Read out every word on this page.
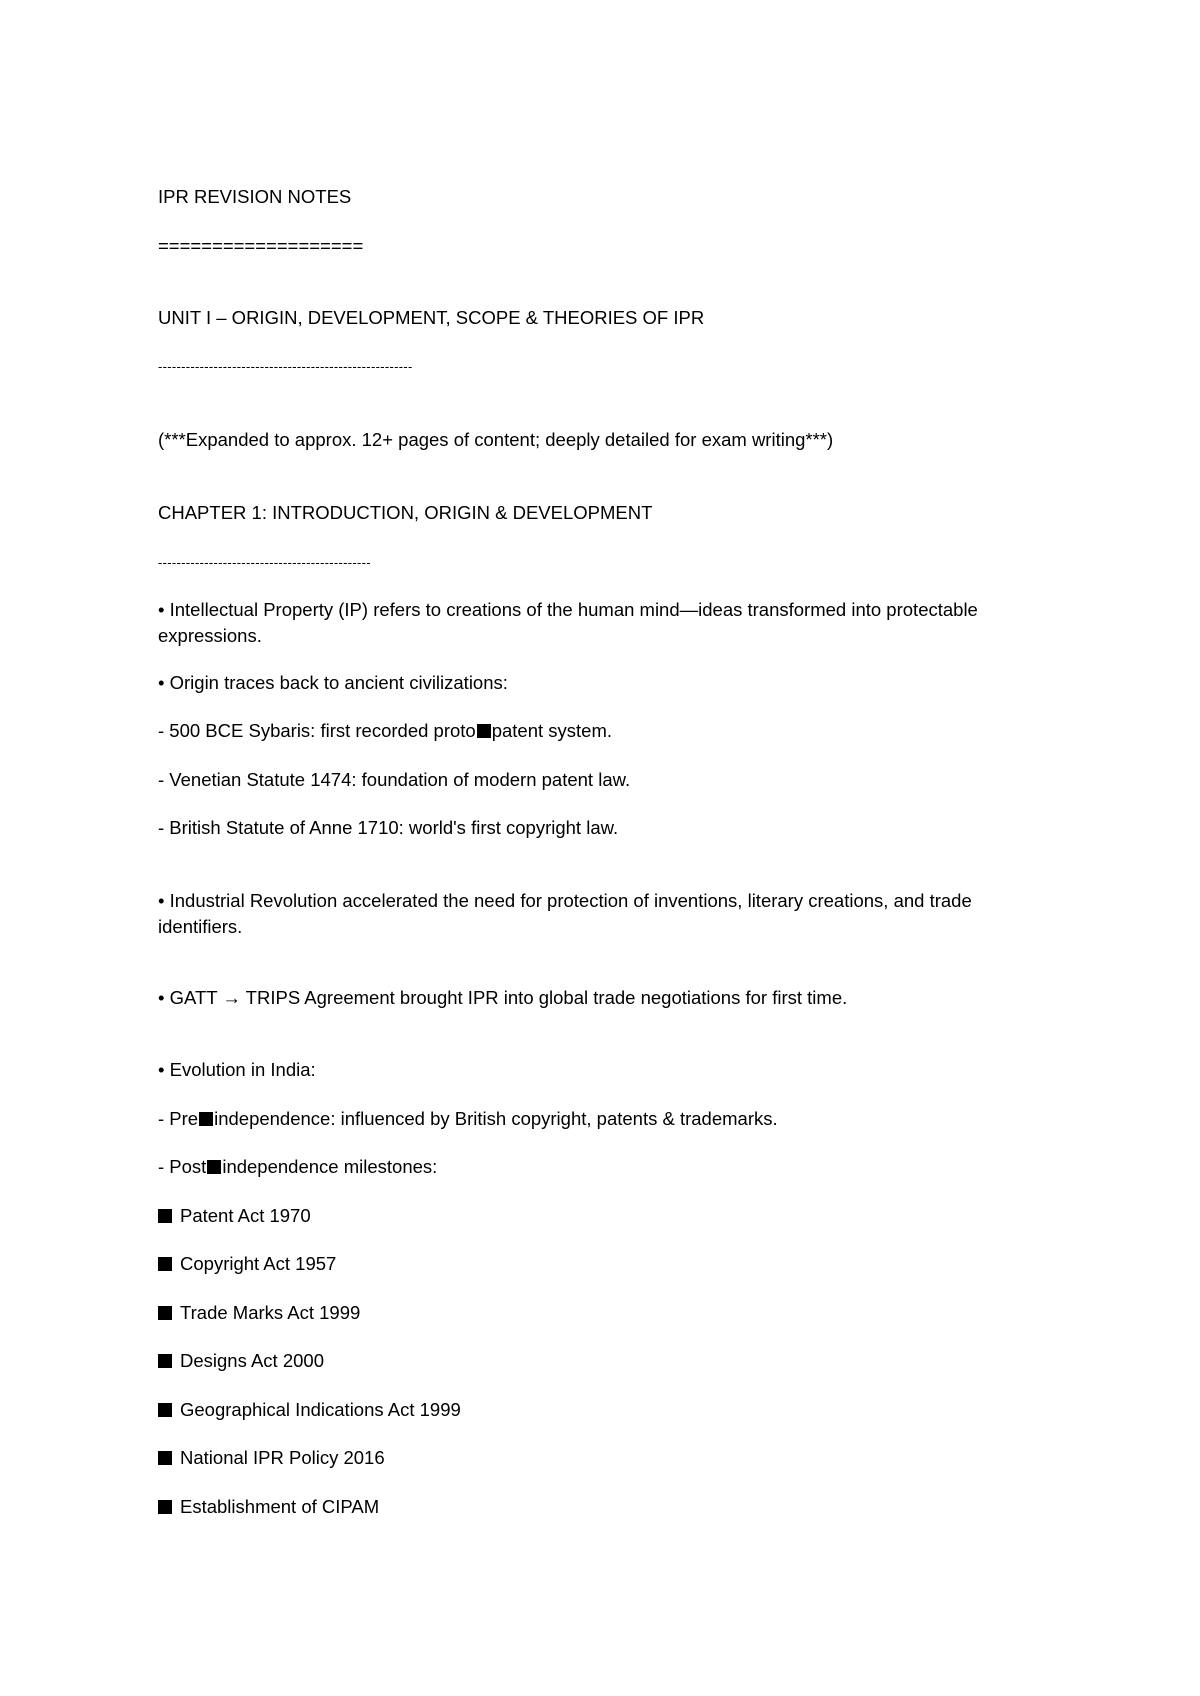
IPR REVISION NOTES
===================
UNIT I – ORIGIN, DEVELOPMENT, SCOPE & THEORIES OF IPR
-------------------------------------------------------
(***Expanded to approx. 12+ pages of content; deeply detailed for exam writing***)
CHAPTER 1: INTRODUCTION, ORIGIN & DEVELOPMENT
----------------------------------------------
• Intellectual Property (IP) refers to creations of the human mind—ideas transformed into protectable expressions.
• Origin traces back to ancient civilizations:
- 500 BCE Sybaris: first recorded proto patent system.
- Venetian Statute 1474: foundation of modern patent law.
- British Statute of Anne 1710: world's first copyright law.
• Industrial Revolution accelerated the need for protection of inventions, literary creations, and trade identifiers.
• GATT → TRIPS Agreement brought IPR into global trade negotiations for first time.
• Evolution in India:
- Pre independence: influenced by British copyright, patents & trademarks.
- Post independence milestones:
Patent Act 1970
Copyright Act 1957
Trade Marks Act 1999
Designs Act 2000
Geographical Indications Act 1999
National IPR Policy 2016
Establishment of CIPAM
